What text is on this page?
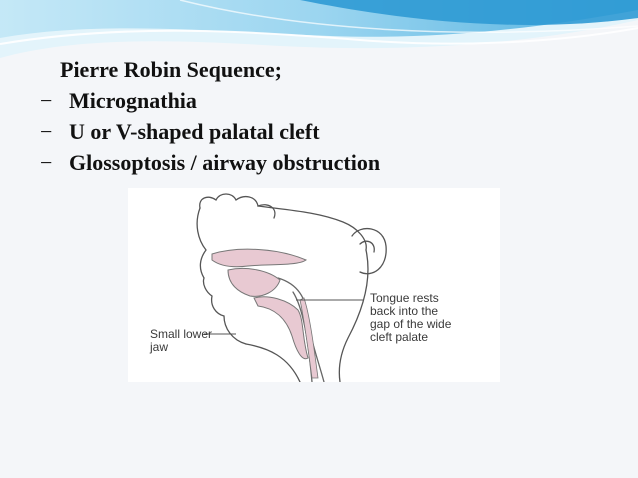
Pierre Robin Sequence;
− Micrognathia
− U or V-shaped palatal cleft
− Glossoptosis / airway obstruction
Small lower
jaw
Tongue rests
back into the
gap of the wide
cleft palate
